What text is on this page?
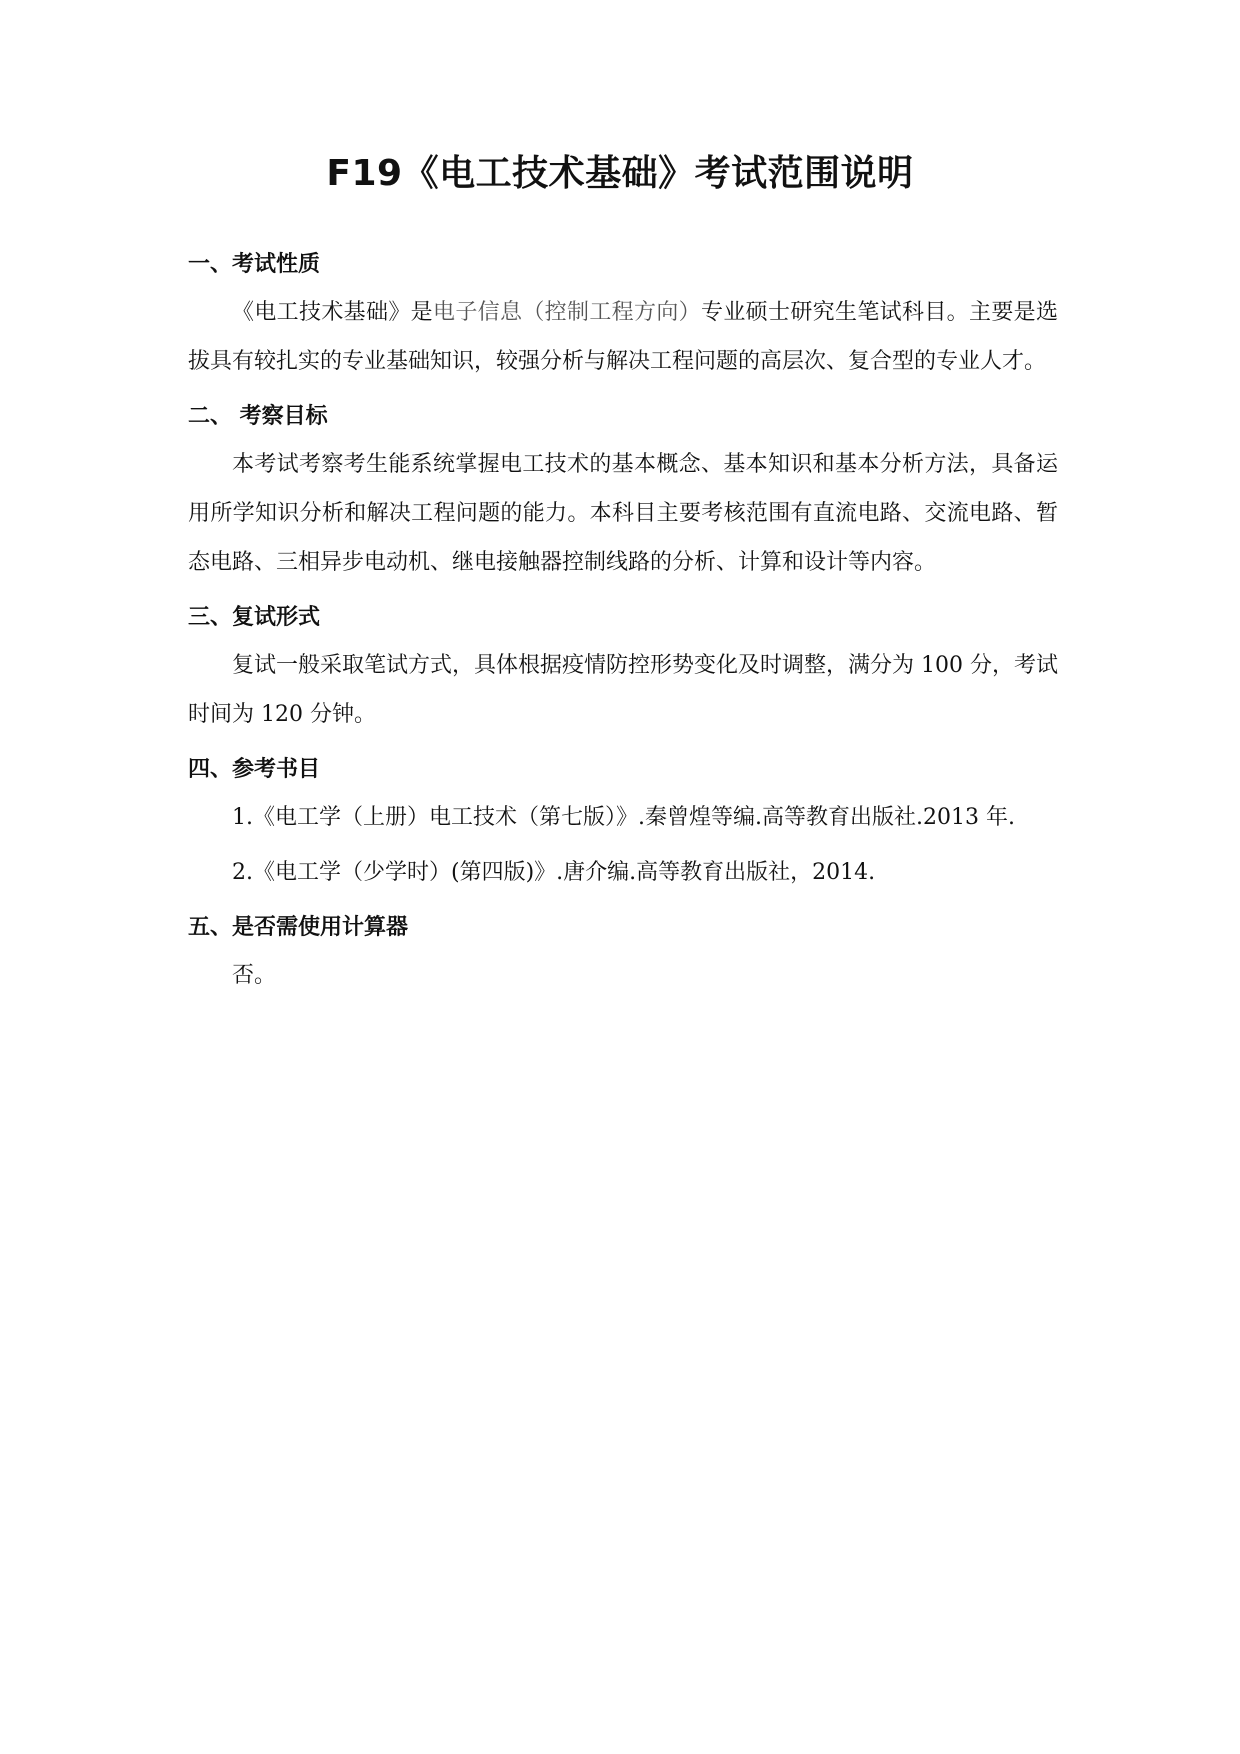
F19《电工技术基础》考试范围说明
一、考试性质
《电工技术基础》是电子信息（控制工程方向）专业硕士研究生笔试科目。主要是选拔具有较扎实的专业基础知识，较强分析与解决工程问题的高层次、复合型的专业人才。
二、 考察目标
本考试考察考生能系统掌握电工技术的基本概念、基本知识和基本分析方法，具备运用所学知识分析和解决工程问题的能力。本科目主要考核范围有直流电路、交流电路、暂态电路、三相异步电动机、继电接触器控制线路的分析、计算和设计等内容。
三、复试形式
复试一般采取笔试方式，具体根据疫情防控形势变化及时调整，满分为 100 分，考试时间为 120 分钟。
四、参考书目
1.《电工学（上册）电工技术（第七版）》.秦曾煌等编.高等教育出版社.2013 年.
2.《电工学（少学时）(第四版)》.唐介编.高等教育出版社，2014.
五、是否需使用计算器
否。
